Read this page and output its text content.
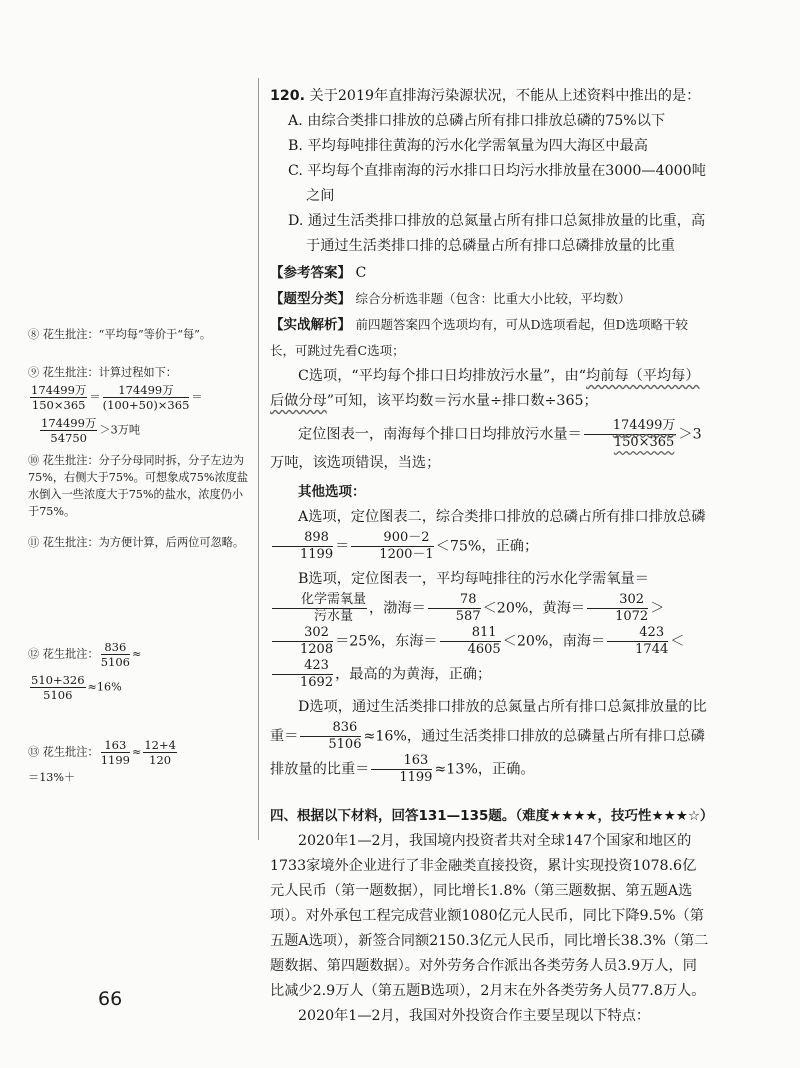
⑧ 花生批注：“平均每”等价于“每”。

⑨ 花生批注：计算过程如下：

$\frac{\text{174499万}}{150\times 365} = \frac{\text{174499万}}{(100+50)\times 365}$ ＝

$\frac{\text{174499万}}{54750} >3$万吨

⑩ 花生批注：分子分母同时拆，分子左边为75%，右侧大于75%。可想象成75%浓度盐水倒入一些浓度大于75%的盐水，浓度仍小于75%。

⑪ 花生批注：为方便计算，后两位可忽略。

⑫ 花生批注： $\frac{836}{5106}$ ≈

$\frac{510+326}{5106} \approx 16\%$

⑬ 花生批注： $\frac{163}{1199} \approx \frac{12+4}{120}$

＝13%＋

120. 关于2019年直排海污染源状况，不能从上述资料中推出的是：

A. 由综合类排口排放的总磷占所有排口排放总磷的75%以下

B. 平均每吨排往黄海的污水化学需氧量为四大海区中最高

C. 平均每个直排南海的污水排口日均污水排放量在3000—4000吨之间

D. 通过生活类排口排放的总氮量占所有排口总氮排放量的比重，高于通过生活类排口排的总磷量占所有排口总磷排放量的比重

【参考答案】 C

【题型分类】 综合分析选非题（包含：比重大小比较，平均数）

【实战解析】 前四题答案四个选项均有，可从D选项看起，但D选项略干较长，可跳过先看C选项；

C选项，“平均每个排口日均排放污水量”，由“均前每（平均每）后做分母”可知，该平均数＝污水量÷排口数÷365；

定位图表一，南海每个排口日均排放污水量＝ $\frac{\text{174499万}}{150\times 365} >3$万吨，该选项错误，当选；

其他选项：

A选项，定位图表二，综合类排口排放的总磷占所有排口排放总磷
$\frac{898}{1199} = \frac{900-2}{1200-1} <75\%$，正确；

B选项，定位图表一，平均每吨排往的污水化学需氧量＝
$\frac{\text{化学需氧量}}{\text{污水量}}$ ，渤海＝ $\frac{78}{587} <20\%$，黄海＝ $\frac{302}{1072}$ ＞
$\frac{302}{1208} =25\%$，东海＝ $\frac{811}{4605} <20\%$，南海＝ $\frac{423}{1744}$ ＜
$\frac{423}{1692}$ ，最高的为黄海，正确；

D选项，通过生活类排口排放的总氮量占所有排口总氮排放量的比重＝ $\frac{836}{5106} \approx 16\%$，通过生活类排口排放的总磷量占所有排口总磷排放量的比重＝ $\frac{163}{1199} \approx 13\%$，正确。

四、根据以下材料，回答131—135题。（难度★★★★，技巧性★★★☆）

2020年1—2月，我国境内投资者共对全球147个国家和地区的1733家境外企业进行了非金融类直接投资，累计实现投资1078.6亿元人民币（第一题数据），同比增长1.8%（第三题数据、第五题A选项）。对外承包工程完成营业额1080亿元人民币，同比下降9.5%（第五题A选项），新签合同额2150.3亿元人民币，同比增长38.3%（第二题数据、第四题数据）。对外劳务合作派出各类劳务人员3.9万人，同比减少2.9万人（第五题B选项），2月末在外各类劳务人员77.8万人。

2020年1—2月，我国对外投资合作主要呈现以下特点：

66
